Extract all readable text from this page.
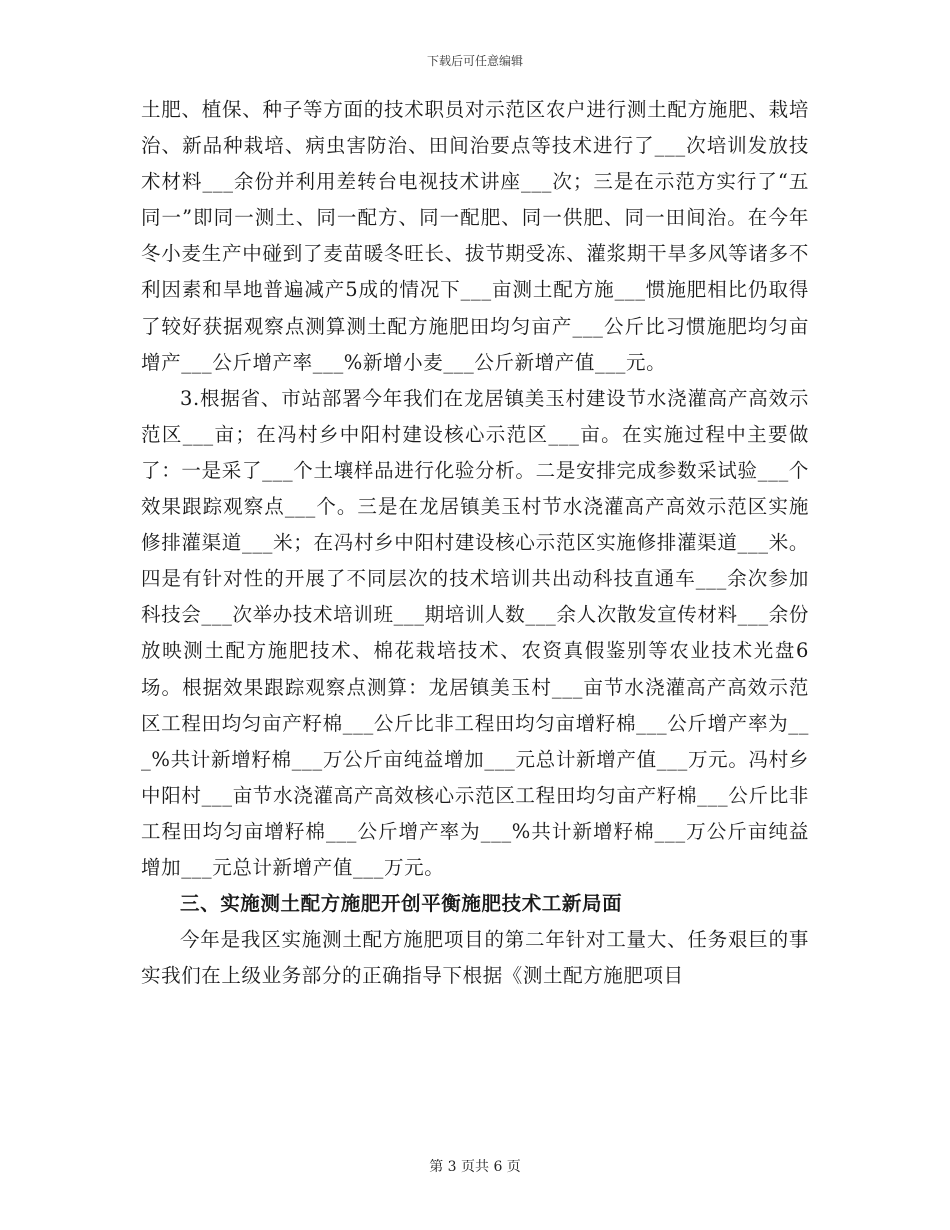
下载后可任意编辑

土肥、植保、种子等方面的技术职员对示范区农户进行测土配方施肥、栽培治、新品种栽培、病虫害防治、田间治要点等技术进行了___次培训发放技术材料___余份并利用差转台电视技术讲座___次；三是在示范方实行了“五同一”即同一测土、同一配方、同一配肥、同一供肥、同一田间治。在今年冬小麦生产中碰到了麦苗暖冬旺长、拔节期受冻、灌浆期干旱多风等诸多不利因素和旱地普遍减产5成的情况下___亩测土配方施___惯施肥相比仍取得了较好获据观察点测算测土配方施肥田均匀亩产___公斤比习惯施肥均匀亩增产___公斤增产率___%新增小麦___公斤新增产值___元。

3.根据省、市站部署今年我们在龙居镇美玉村建设节水浇灌高产高效示范区___亩；在冯村乡中阳村建设核心示范区___亩。在实施过程中主要做了：一是采了___个土壤样品进行化验分析。二是安排完成参数采试验___个效果跟踪观察点___个。三是在龙居镇美玉村节水浇灌高产高效示范区实施修排灌渠道___米；在冯村乡中阳村建设核心示范区实施修排灌渠道___米。四是有针对性的开展了不同层次的技术培训共出动科技直通车___余次参加科技会___次举办技术培训班___期培训人数___余人次散发宣传材料___余份放映测土配方施肥技术、棉花栽培技术、农资真假鉴别等农业技术光盘6场。根据效果跟踪观察点测算：龙居镇美玉村___亩节水浇灌高产高效示范区工程田均匀亩产籽棉___公斤比非工程田均匀亩增籽棉___公斤增产率为___%共计新增籽棉___万公斤亩纯益增加___元总计新增产值___万元。冯村乡中阳村___亩节水浇灌高产高效核心示范区工程田均匀亩产籽棉___公斤比非工程田均匀亩增籽棉___公斤增产率为___%共计新增籽棉___万公斤亩纯益增加___元总计新增产值___万元。

三、实施测土配方施肥开创平衡施肥技术工新局面

今年是我区实施测土配方施肥项目的第二年针对工量大、任务艰巨的事实我们在上级业务部分的正确指导下根据《测土配方施肥项目

第 3 页共 6 页
